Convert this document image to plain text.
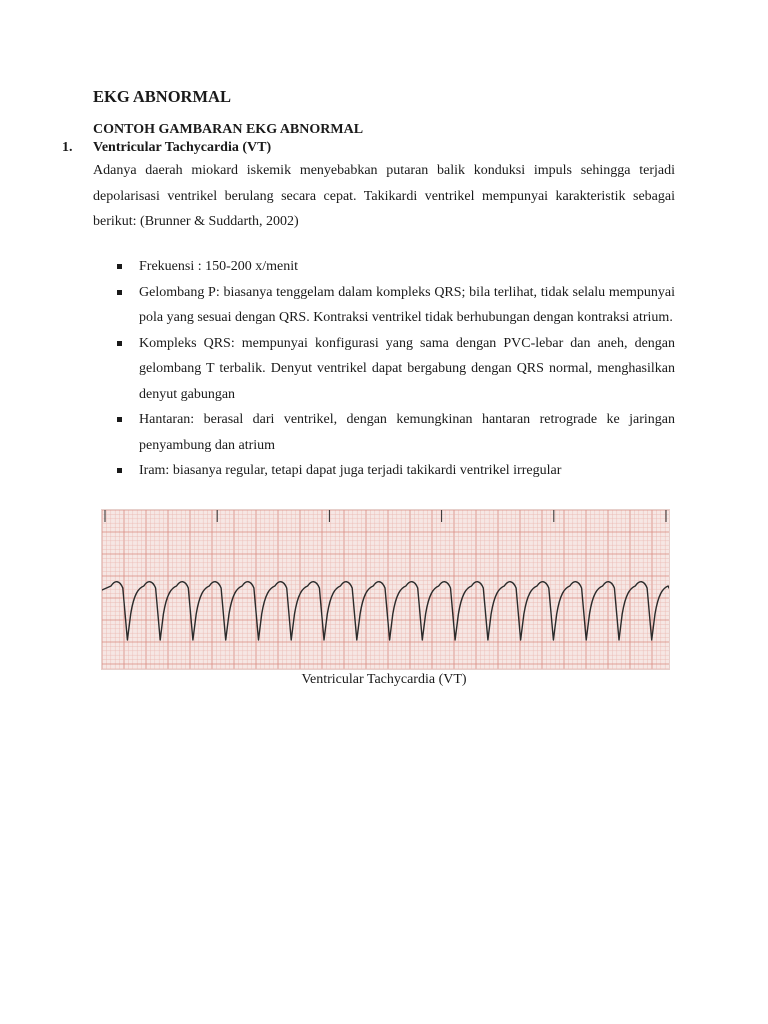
EKG ABNORMAL
CONTOH GAMBARAN EKG ABNORMAL
1. Ventricular Tachycardia (VT)

Adanya daerah miokard iskemik menyebabkan putaran balik konduksi impuls sehingga terjadi depolarisasi ventrikel berulang secara cepat. Takikardi ventrikel mempunyai karakteristik sebagai berikut: (Brunner & Suddarth, 2002)

Frekuensi : 150-200 x/menit
Gelombang P: biasanya tenggelam dalam kompleks QRS; bila terlihat, tidak selalu mempunyai pola yang sesuai dengan QRS. Kontraksi ventrikel tidak berhubungan dengan kontraksi atrium.
Kompleks QRS: mempunyai konfigurasi yang sama dengan PVC-lebar dan aneh, dengan gelombang T terbalik. Denyut ventrikel dapat bergabung dengan QRS normal, menghasilkan denyut gabungan
Hantaran: berasal dari ventrikel, dengan kemungkinan hantaran retrograde ke jaringan penyambung dan atrium
Iram: biasanya regular, tetapi dapat juga terjadi takikardi ventrikel irregular

Ventricular Tachycardia (VT)
